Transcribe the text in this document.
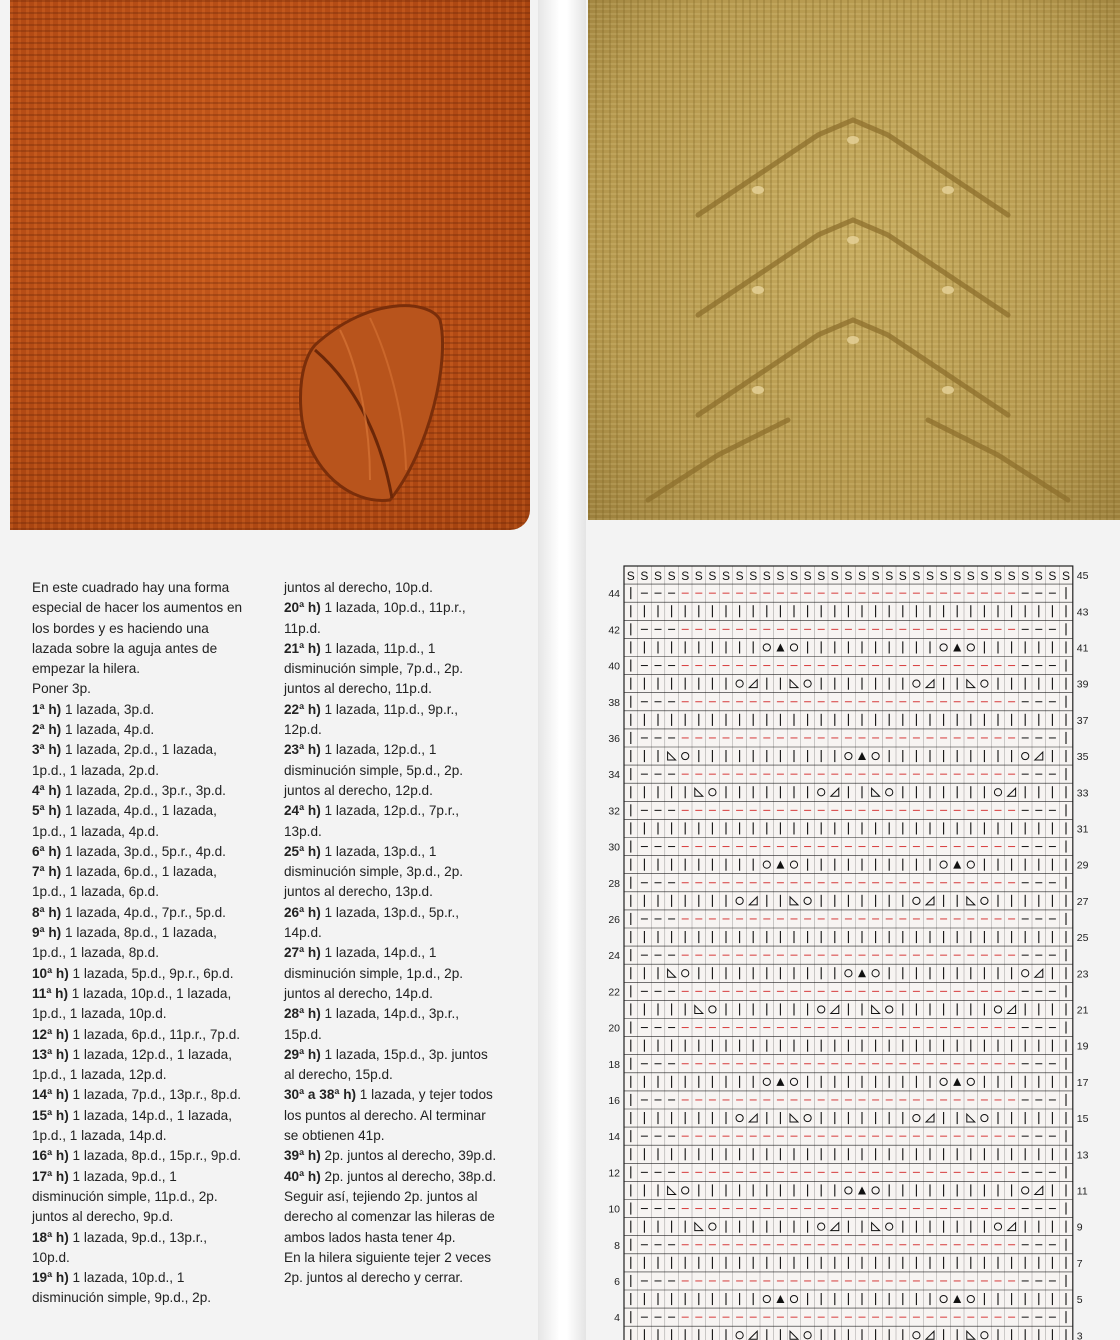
En este cuadrado hay una forma
especial de hacer los aumentos en
los bordes y es haciendo una
lazada sobre la aguja antes de
empezar la hilera.
Poner 3p.
1ª h) 1 lazada, 3p.d.
2ª h) 1 lazada, 4p.d.
3ª h) 1 lazada, 2p.d., 1 lazada,
1p.d., 1 lazada, 2p.d.
4ª h) 1 lazada, 2p.d., 3p.r., 3p.d.
5ª h) 1 lazada, 4p.d., 1 lazada,
1p.d., 1 lazada, 4p.d.
6ª h) 1 lazada, 3p.d., 5p.r., 4p.d.
7ª h) 1 lazada, 6p.d., 1 lazada,
1p.d., 1 lazada, 6p.d.
8ª h) 1 lazada, 4p.d., 7p.r., 5p.d.
9ª h) 1 lazada, 8p.d., 1 lazada,
1p.d., 1 lazada, 8p.d.
10ª h) 1 lazada, 5p.d., 9p.r., 6p.d.
11ª h) 1 lazada, 10p.d., 1 lazada,
1p.d., 1 lazada, 10p.d.
12ª h) 1 lazada, 6p.d., 11p.r., 7p.d.
13ª h) 1 lazada, 12p.d., 1 lazada,
1p.d., 1 lazada, 12p.d.
14ª h) 1 lazada, 7p.d., 13p.r., 8p.d.
15ª h) 1 lazada, 14p.d., 1 lazada,
1p.d., 1 lazada, 14p.d.
16ª h) 1 lazada, 8p.d., 15p.r., 9p.d.
17ª h) 1 lazada, 9p.d., 1
disminución simple, 11p.d., 2p.
juntos al derecho, 9p.d.
18ª h) 1 lazada, 9p.d., 13p.r.,
10p.d.
19ª h) 1 lazada, 10p.d., 1
disminución simple, 9p.d., 2p.
juntos al derecho, 10p.d.
20ª h) 1 lazada, 10p.d., 11p.r.,
11p.d.
21ª h) 1 lazada, 11p.d., 1
disminución simple, 7p.d., 2p.
juntos al derecho, 11p.d.
22ª h) 1 lazada, 11p.d., 9p.r.,
12p.d.
23ª h) 1 lazada, 12p.d., 1
disminución simple, 5p.d., 2p.
juntos al derecho, 12p.d.
24ª h) 1 lazada, 12p.d., 7p.r.,
13p.d.
25ª h) 1 lazada, 13p.d., 1
disminución simple, 3p.d., 2p.
juntos al derecho, 13p.d.
26ª h) 1 lazada, 13p.d., 5p.r.,
14p.d.
27ª h) 1 lazada, 14p.d., 1
disminución simple, 1p.d., 2p.
juntos al derecho, 14p.d.
28ª h) 1 lazada, 14p.d., 3p.r.,
15p.d.
29ª h) 1 lazada, 15p.d., 3p. juntos
al derecho, 15p.d.
30ª a 38ª h) 1 lazada, y tejer todos
los puntos al derecho. Al terminar
se obtienen 41p.
39ª h) 2p. juntos al derecho, 39p.d.
40ª h) 2p. juntos al derecho, 38p.d.
Seguir así, tejiendo 2p. juntos al
derecho al comenzar las hileras de
ambos lados hasta tener 4p.
En la hilera siguiente tejer 2 veces
2p. juntos al derecho y cerrar.
S S S S S S S S S S S S S S S S S S S S S S S S S S S S S S S S S 45
43
41
39
37
35
33
31
29
27
25
23
21
19
17
15
13
11
9
7
5
3
44
42
40
38
36
34
32
30
28
26
24
22
20
18
16
14
12
10
8
6
4
